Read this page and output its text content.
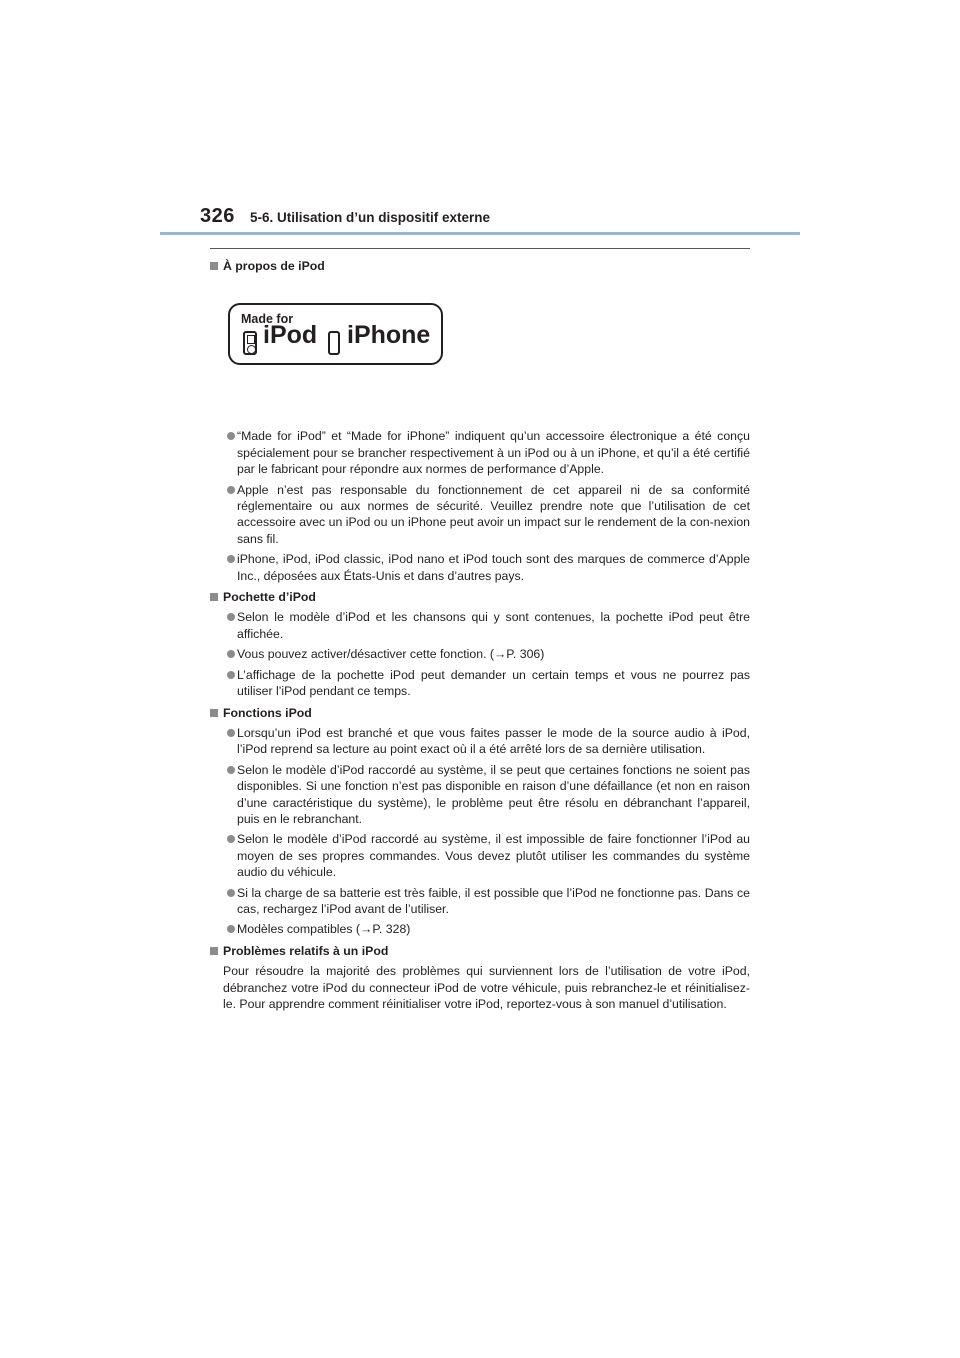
326 5-6. Utilisation d’un dispositif externe

À propos de iPod

Made for
iPod iPhone

“Made for iPod” et “Made for iPhone” indiquent qu’un accessoire électronique a été conçu spécialement pour se brancher respectivement à un iPod ou à un iPhone, et qu’il a été certifié par le fabricant pour répondre aux normes de performance d’Apple.

Apple n’est pas responsable du fonctionnement de cet appareil ni de sa conformité réglementaire ou aux normes de sécurité. Veuillez prendre note que l’utilisation de cet accessoire avec un iPod ou un iPhone peut avoir un impact sur le rendement de la con-nexion sans fil.

iPhone, iPod, iPod classic, iPod nano et iPod touch sont des marques de commerce d’Apple Inc., déposées aux États-Unis et dans d’autres pays.

Pochette d’iPod

Selon le modèle d’iPod et les chansons qui y sont contenues, la pochette iPod peut être affichée.

Vous pouvez activer/désactiver cette fonction. (→P. 306)

L’affichage de la pochette iPod peut demander un certain temps et vous ne pourrez pas utiliser l’iPod pendant ce temps.

Fonctions iPod

Lorsqu’un iPod est branché et que vous faites passer le mode de la source audio à iPod, l’iPod reprend sa lecture au point exact où il a été arrêté lors de sa dernière utilisation.

Selon le modèle d’iPod raccordé au système, il se peut que certaines fonctions ne soient pas disponibles. Si une fonction n’est pas disponible en raison d’une défaillance (et non en raison d’une caractéristique du système), le problème peut être résolu en débranchant l’appareil, puis en le rebranchant.

Selon le modèle d’iPod raccordé au système, il est impossible de faire fonctionner l’iPod au moyen de ses propres commandes. Vous devez plutôt utiliser les commandes du système audio du véhicule.

Si la charge de sa batterie est très faible, il est possible que l’iPod ne fonctionne pas. Dans ce cas, rechargez l’iPod avant de l’utiliser.

Modèles compatibles (→P. 328)

Problèmes relatifs à un iPod

Pour résoudre la majorité des problèmes qui surviennent lors de l’utilisation de votre iPod, débranchez votre iPod du connecteur iPod de votre véhicule, puis rebranchez-le et réinitialisez-le. Pour apprendre comment réinitialiser votre iPod, reportez-vous à son manuel d’utilisation.
